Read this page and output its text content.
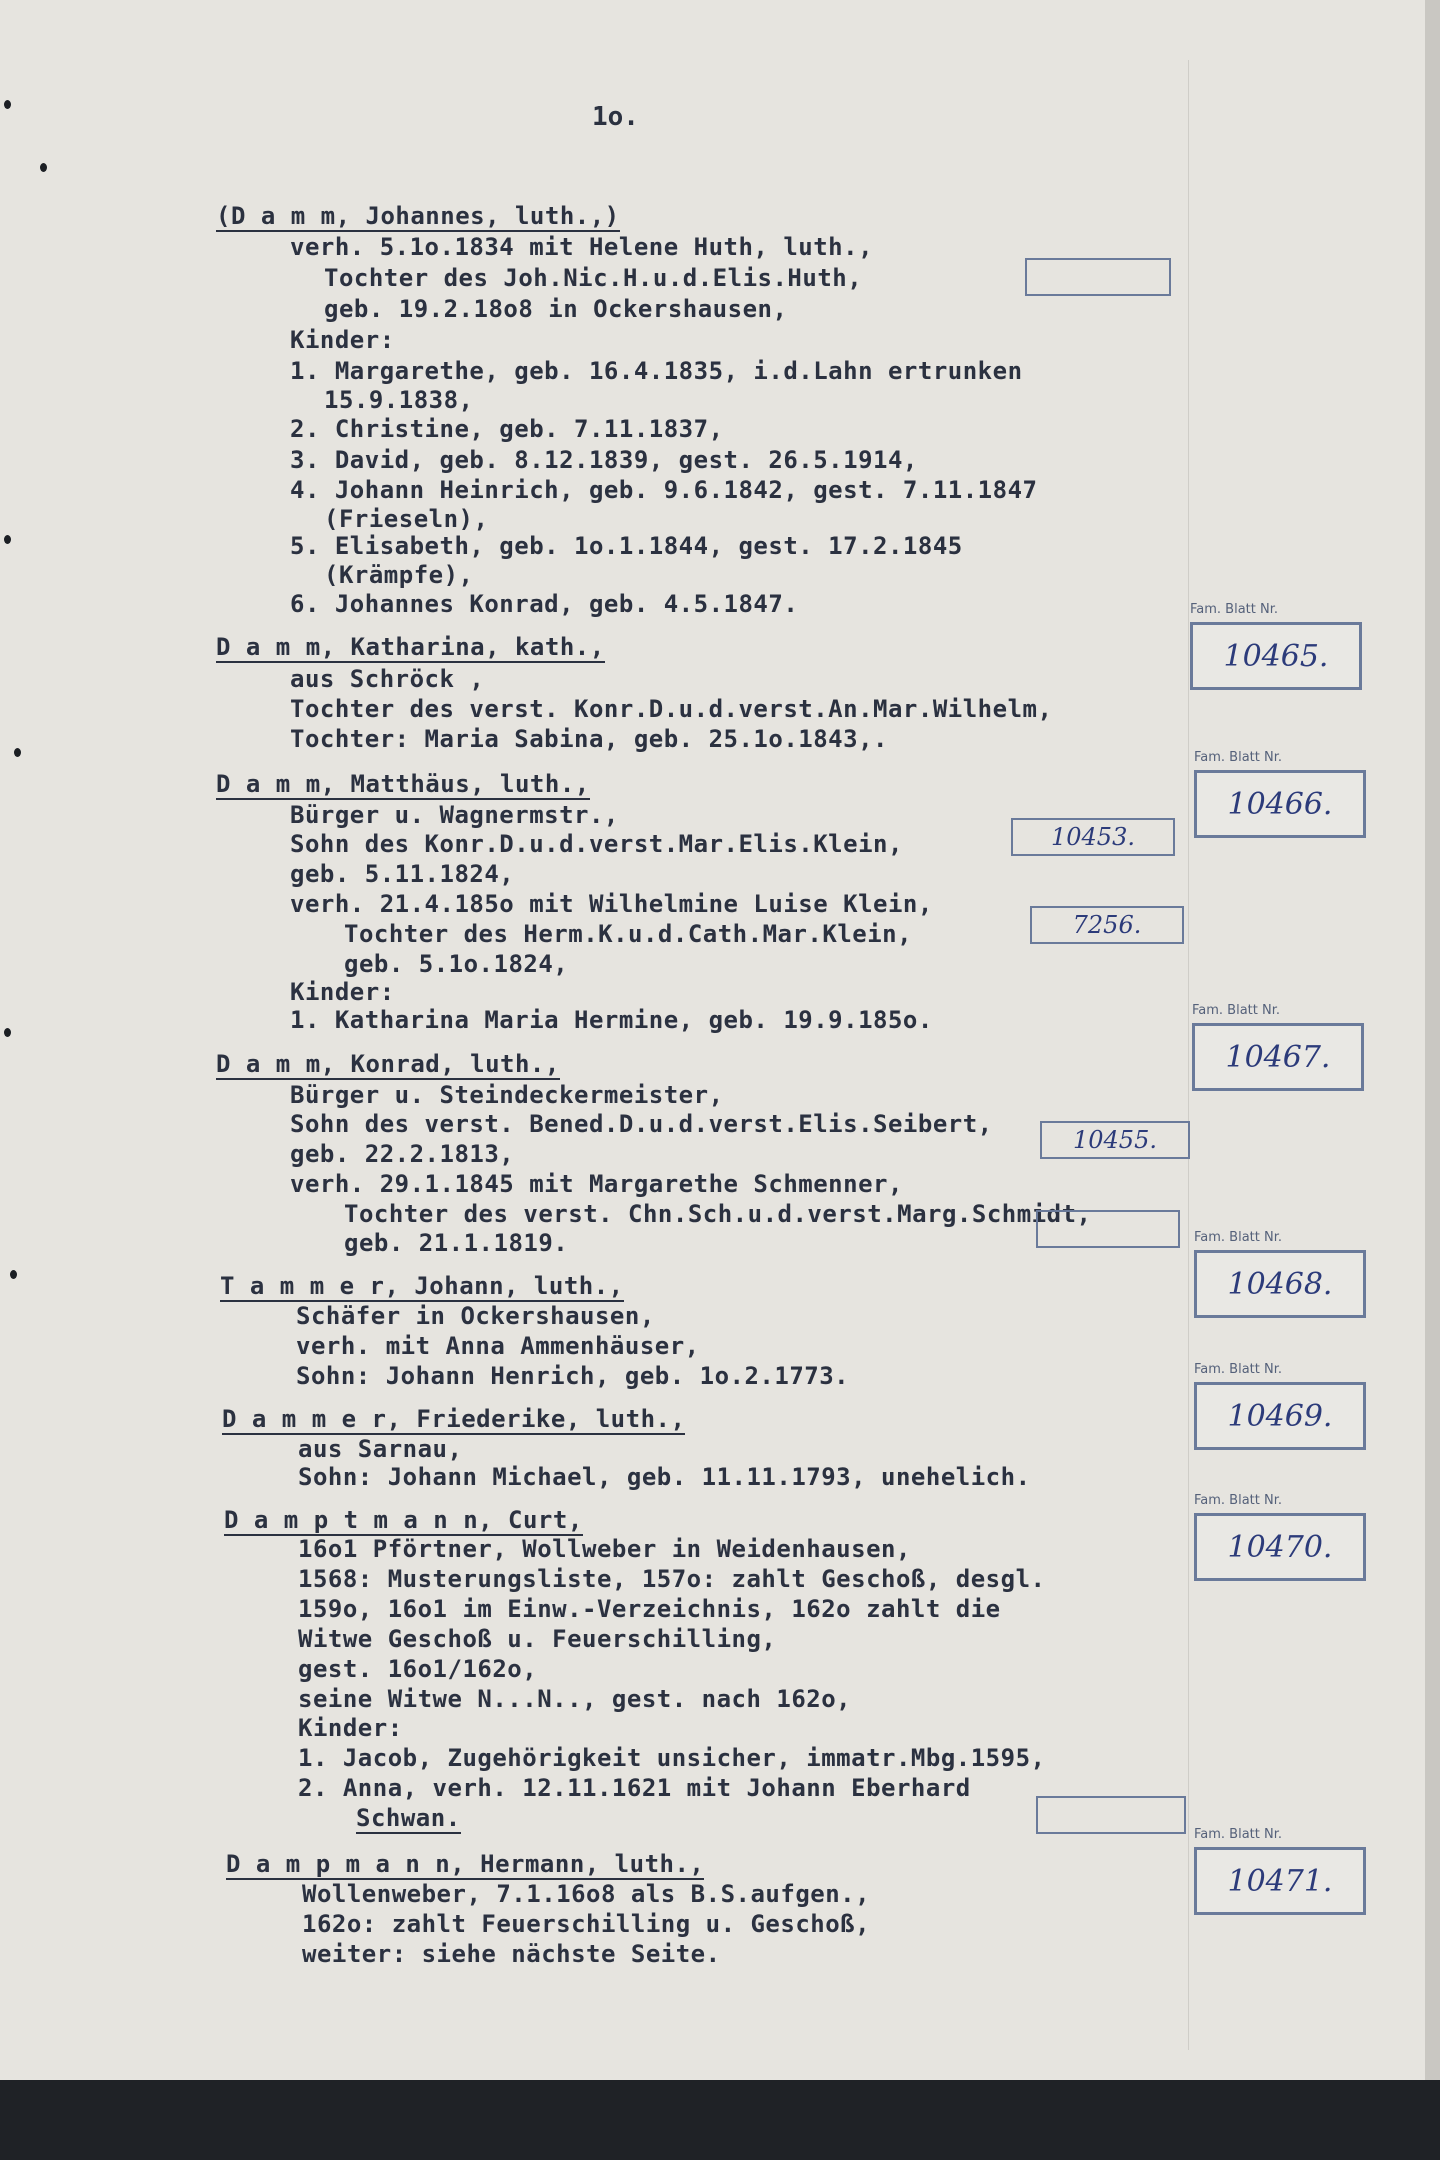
1o.
(D a m m, Johannes, luth.,)
verh. 5.1o.1834 mit Helene Huth, luth.,
Tochter des Joh.Nic.H.u.d.Elis.Huth,
geb. 19.2.18o8 in Ockershausen,
Kinder:
1. Margarethe, geb. 16.4.1835, i.d.Lahn ertrunken
15.9.1838,
2. Christine, geb. 7.11.1837,
3. David, geb. 8.12.1839, gest. 26.5.1914,
4. Johann Heinrich, geb. 9.6.1842, gest. 7.11.1847
(Frieseln),
5. Elisabeth, geb. 1o.1.1844, gest. 17.2.1845
(Krämpfe),
6. Johannes Konrad, geb. 4.5.1847.	Fam. Blatt Nr.
10465.
D a m m, Katharina, kath.,
aus Schröck ,
Tochter des verst. Konr.D.u.d.verst.An.Mar.Wilhelm,
Tochter: Maria Sabina, geb. 25.1o.1843,.
Fam. Blatt Nr.
10466.
D a m m, Matthäus, luth.,
Bürger u. Wagnermstr.,
Sohn des Konr.D.u.d.verst.Mar.Elis.Klein,	10453.
geb. 5.11.1824,
verh. 21.4.185o mit Wilhelmine Luise Klein,
Tochter des Herm.K.u.d.Cath.Mar.Klein,	7256.
geb. 5.1o.1824,
Kinder:
1. Katharina Maria Hermine, geb. 19.9.185o.	Fam. Blatt Nr.
10467.
D a m m, Konrad, luth.,
Bürger u. Steindeckermeister,
Sohn des verst. Bened.D.u.d.verst.Elis.Seibert,
10455.
geb. 22.2.1813,
verh. 29.1.1845 mit Margarethe Schmenner,
Tochter des verst. Chn.Sch.u.d.verst.Marg.Schmidt,
geb. 21.1.1819.	Fam. Blatt Nr.
10468.
T a m m e r, Johann, luth.,
Schäfer in Ockershausen,
verh. mit Anna Ammenhäuser,
Sohn: Johann Henrich, geb. 1o.2.1773.	Fam. Blatt Nr.
10469.
D a m m e r, Friederike, luth.,
aus Sarnau,
Sohn: Johann Michael, geb. 11.11.1793, unehelich.
Fam. Blatt Nr.
10470.
D a m p t m a n n, Curt,
16o1 Pförtner, Wollweber in Weidenhausen,
1568: Musterungsliste, 157o: zahlt Geschoß, desgl.
159o, 16o1 im Einw.-Verzeichnis, 162o zahlt die
Witwe Geschoß u. Feuerschilling,
gest. 16o1/162o,
seine Witwe N...N.., gest. nach 162o,
Kinder:
1. Jacob, Zugehörigkeit unsicher, immatr.Mbg.1595,
2. Anna, verh. 12.11.1621 mit Johann Eberhard
Schwan.
Fam. Blatt Nr.
10471.
D a m p m a n n, Hermann, luth.,
Wollenweber, 7.1.16o8 als B.S.aufgen.,
162o: zahlt Feuerschilling u. Geschoß,
weiter: siehe nächste Seite.
